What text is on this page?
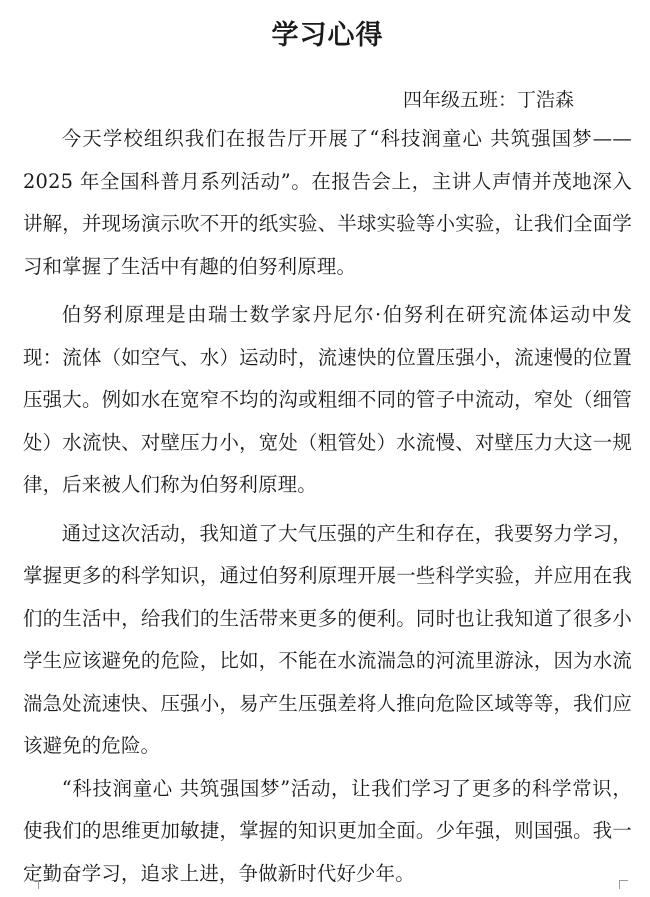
学习心得
四年级五班：丁浩森

今天学校组织我们在报告厅开展了“科技润童心 共筑强国梦——2025 年全国科普月系列活动”。在报告会上，主讲人声情并茂地深入讲解，并现场演示吹不开的纸实验、半球实验等小实验，让我们全面学习和掌握了生活中有趣的伯努利原理。

伯努利原理是由瑞士数学家丹尼尔·伯努利在研究流体运动中发现：流体（如空气、水）运动时，流速快的位置压强小，流速慢的位置压强大。例如水在宽窄不均的沟或粗细不同的管子中流动，窄处（细管处）水流快、对壁压力小，宽处（粗管处）水流慢、对壁压力大这一规律，后来被人们称为伯努利原理。

通过这次活动，我知道了大气压强的产生和存在，我要努力学习，掌握更多的科学知识，通过伯努利原理开展一些科学实验，并应用在我们的生活中，给我们的生活带来更多的便利。同时也让我知道了很多小学生应该避免的危险，比如，不能在水流湍急的河流里游泳，因为水流湍急处流速快、压强小，易产生压强差将人推向危险区域等等，我们应该避免的危险。

“科技润童心 共筑强国梦”活动，让我们学习了更多的科学常识，使我们的思维更加敏捷，掌握的知识更加全面。少年强，则国强。我一定勤奋学习，追求上进，争做新时代好少年。
